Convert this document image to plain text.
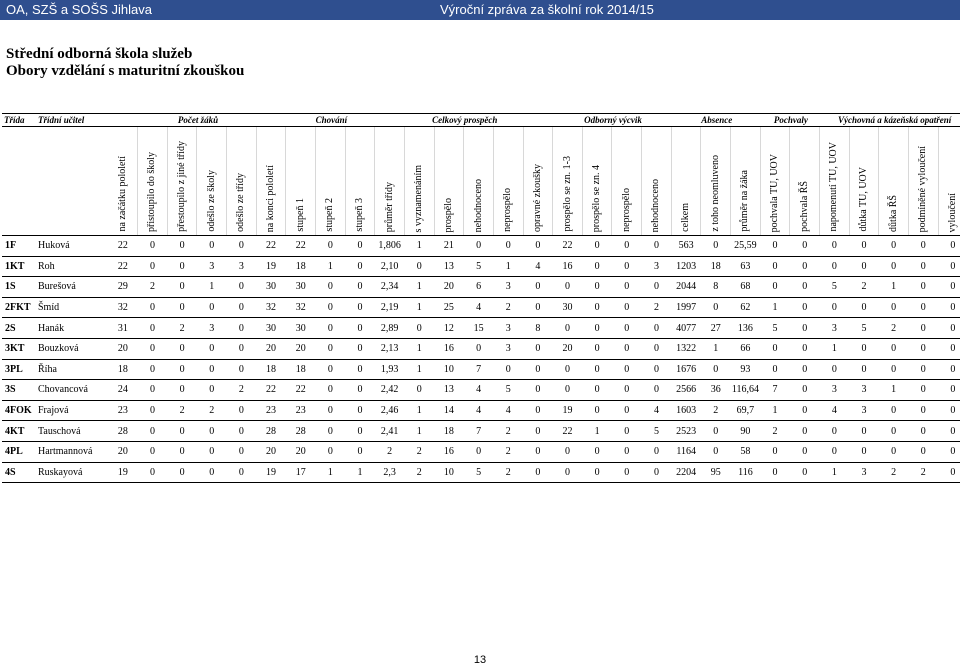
OA, SZŠ a SOŠS Jihlava	Výroční zpráva za školní rok 2014/15
Střední odborná škola služeb
Obory vzdělání s maturitní zkouškou
Třída	Třídní učitel	Počet žáků						Chování			Celkový prospěch						Odborný výcvik				Absence			Pochvaly		Výchovná a kázeňská opatření				
		na začátku pololetí	přistoupilo do školy	přestoupilo z jiné třídy	odešlo ze školy	odešlo ze třídy	na konci pololetí	stupeň 1	stupeň 2	stupeň 3	průměr třídy	s vyznamenáním	prospělo	nehodnoceno	neprospělo	opravné zkoušky	prospělo se zn. 1-3	prospělo se zn. 4	neprospělo	nehodnoceno	celkem	z toho neomluveno	průměr na žáka	pochvala TU, UOV	pochvala ŘŠ	napomenutí TU, UOV	důtka TU, UOV	důtka ŘŠ	podmíněné vyloučení	vyloučení
1F	Huková	22	0	0	0	0	22	22	0	0	1,806	1	21	0	0	0	22	0	0	0	563	0	25,59	0	0	0	0	0	0	0
1KT	Roh	22	0	0	3	3	19	18	1	0	2,10	0	13	5	1	4	16	0	0	3	1203	18	63	0	0	0	0	0	0	0
1S	Burešová	29	2	0	1	0	30	30	0	0	2,34	1	20	6	3	0	0	0	0	0	2044	8	68	0	0	5	2	1	0	0
2FKT	Šmíd	32	0	0	0	0	32	32	0	0	2,19	1	25	4	2	0	30	0	0	2	1997	0	62	1	0	0	0	0	0	0
2S	Hanák	31	0	2	3	0	30	30	0	0	2,89	0	12	15	3	8	0	0	0	0	4077	27	136	5	0	3	5	2	0	0
3KT	Bouzková	20	0	0	0	0	20	20	0	0	2,13	1	16	0	3	0	20	0	0	0	1322	1	66	0	0	1	0	0	0	0
3PL	Říha	18	0	0	0	0	18	18	0	0	1,93	1	10	7	0	0	0	0	0	0	1676	0	93	0	0	0	0	0	0	0
3S	Chovancová	24	0	0	0	2	22	22	0	0	2,42	0	13	4	5	0	0	0	0	0	2566	36	116,64	7	0	3	3	1	0	0
4FOK	Frajová	23	0	2	2	0	23	23	0	0	2,46	1	14	4	4	0	19	0	0	4	1603	2	69,7	1	0	4	3	0	0	0
4KT	Tauschová	28	0	0	0	0	28	28	0	0	2,41	1	18	7	2	0	22	1	0	5	2523	0	90	2	0	0	0	0	0	0
4PL	Hartmannová	20	0	0	0	0	20	20	0	0	2	2	16	0	2	0	0	0	0	0	1164	0	58	0	0	0	0	0	0	0
4S	Ruskayová	19	0	0	0	0	19	17	1	1	2,3	2	10	5	2	0	0	0	0	0	2204	95	116	0	0	1	3	2	2	0
13
